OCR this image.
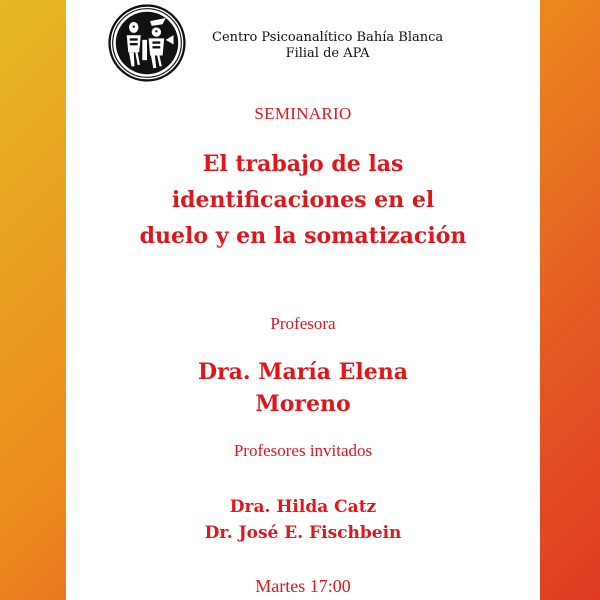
Centro Psicoanalítico Bahía Blanca
Filial de APA
SEMINARIO
El trabajo de las
identificaciones en el
duelo y en la somatización
Profesora
Dra. María Elena
Moreno
Profesores invitados
Dra. Hilda Catz
Dr. José E. Fischbein
Martes 17:00
